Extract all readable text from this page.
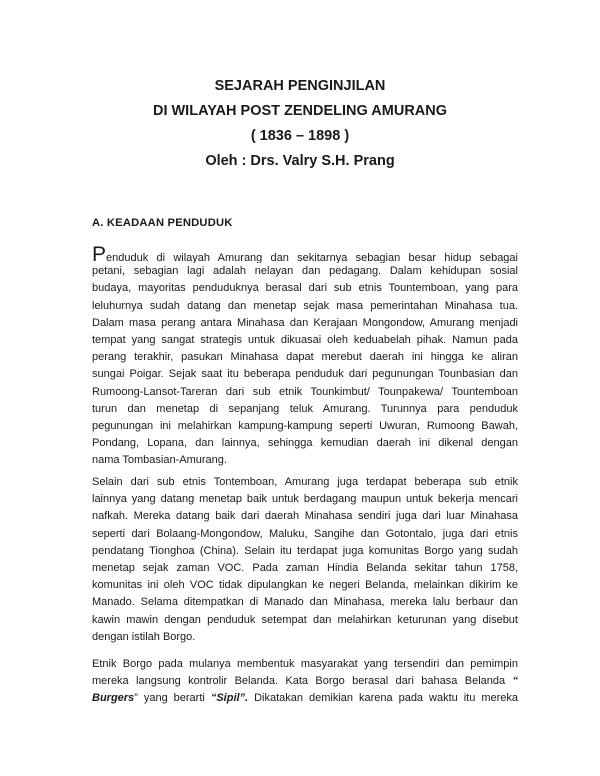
SEJARAH PENGINJILAN
DI WILAYAH POST ZENDELING AMURANG
( 1836 – 1898 )
Oleh : Drs. Valry S.H. Prang
A. KEADAAN PENDUDUK
Penduduk di wilayah Amurang dan sekitarnya sebagian besar hidup sebagai
petani, sebagian lagi adalah nelayan dan pedagang. Dalam kehidupan sosial
budaya, mayoritas penduduknya berasal dari sub etnis Tountemboan, yang para
leluhurnya sudah datang dan menetap sejak masa pemerintahan Minahasa tua.
Dalam masa perang antara Minahasa dan Kerajaan Mongondow, Amurang menjadi
tempat yang sangat strategis untuk dikuasai oleh keduabelah pihak. Namun pada
perang terakhir, pasukan Minahasa dapat merebut daerah ini hingga ke aliran
sungai Poigar. Sejak saat itu beberapa penduduk dari pegunungan Tounbasian dan
Rumoong-Lansot-Tareran dari sub etnik Tounkimbut/ Tounpakewa/ Tountemboan
turun dan menetap di sepanjang teluk Amurang. Turunnya para penduduk
pegunungan ini melahirkan kampung-kampung seperti Uwuran, Rumoong Bawah,
Pondang, Lopana, dan lainnya, sehingga kemudian daerah ini dikenal dengan
nama Tombasian-Amurang.
Selain dari sub etnis Tontemboan, Amurang juga terdapat beberapa sub etnik
lainnya yang datang menetap baik untuk berdagang maupun untuk bekerja mencari
nafkah. Mereka datang baik dari daerah Minahasa sendiri juga dari luar Minahasa
seperti dari Bolaang-Mongondow, Maluku, Sangihe dan Gotontalo, juga dari etnis
pendatang Tionghoa (China). Selain itu terdapat juga komunitas Borgo yang sudah
menetap sejak zaman VOC. Pada zaman Hindia Belanda sekitar tahun 1758,
komunitas ini oleh VOC tidak dipulangkan ke negeri Belanda, melainkan dikirim ke
Manado. Selama ditempatkan di Manado dan Minahasa, mereka lalu berbaur dan
kawin mawin dengan penduduk setempat dan melahirkan keturunan yang disebut
dengan istilah Borgo.
Etnik Borgo pada mulanya membentuk masyarakat yang tersendiri dan pemimpin
mereka langsung kontrolir Belanda. Kata Borgo berasal dari bahasa Belanda “
Burgers” yang berarti “Sipil”. Dikatakan demikian karena pada waktu itu mereka
